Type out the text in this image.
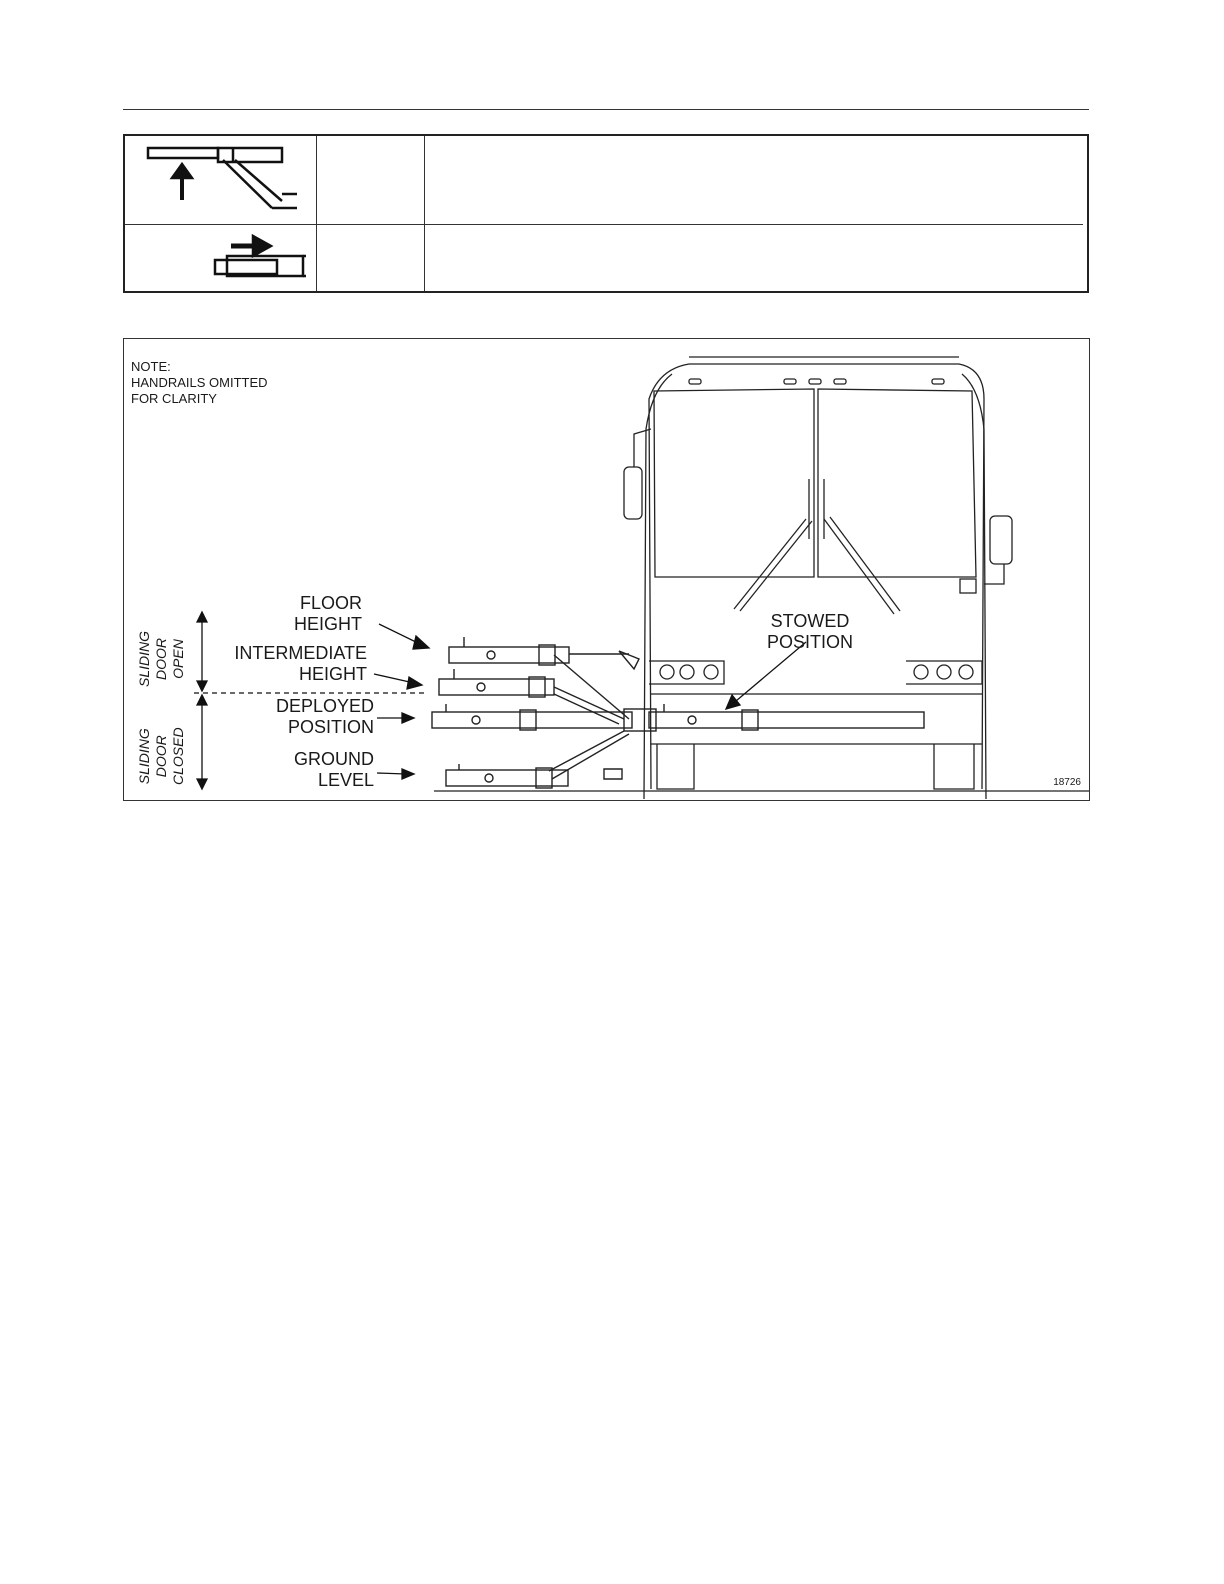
NOTE:
HANDRAILS OMITTED
FOR CLARITY
FLOOR
HEIGHT
INTERMEDIATE
HEIGHT
DEPLOYED
POSITION
GROUND
LEVEL
STOWED
POSITION
SLIDING DOOR OPEN
SLIDING DOOR CLOSED	18726
